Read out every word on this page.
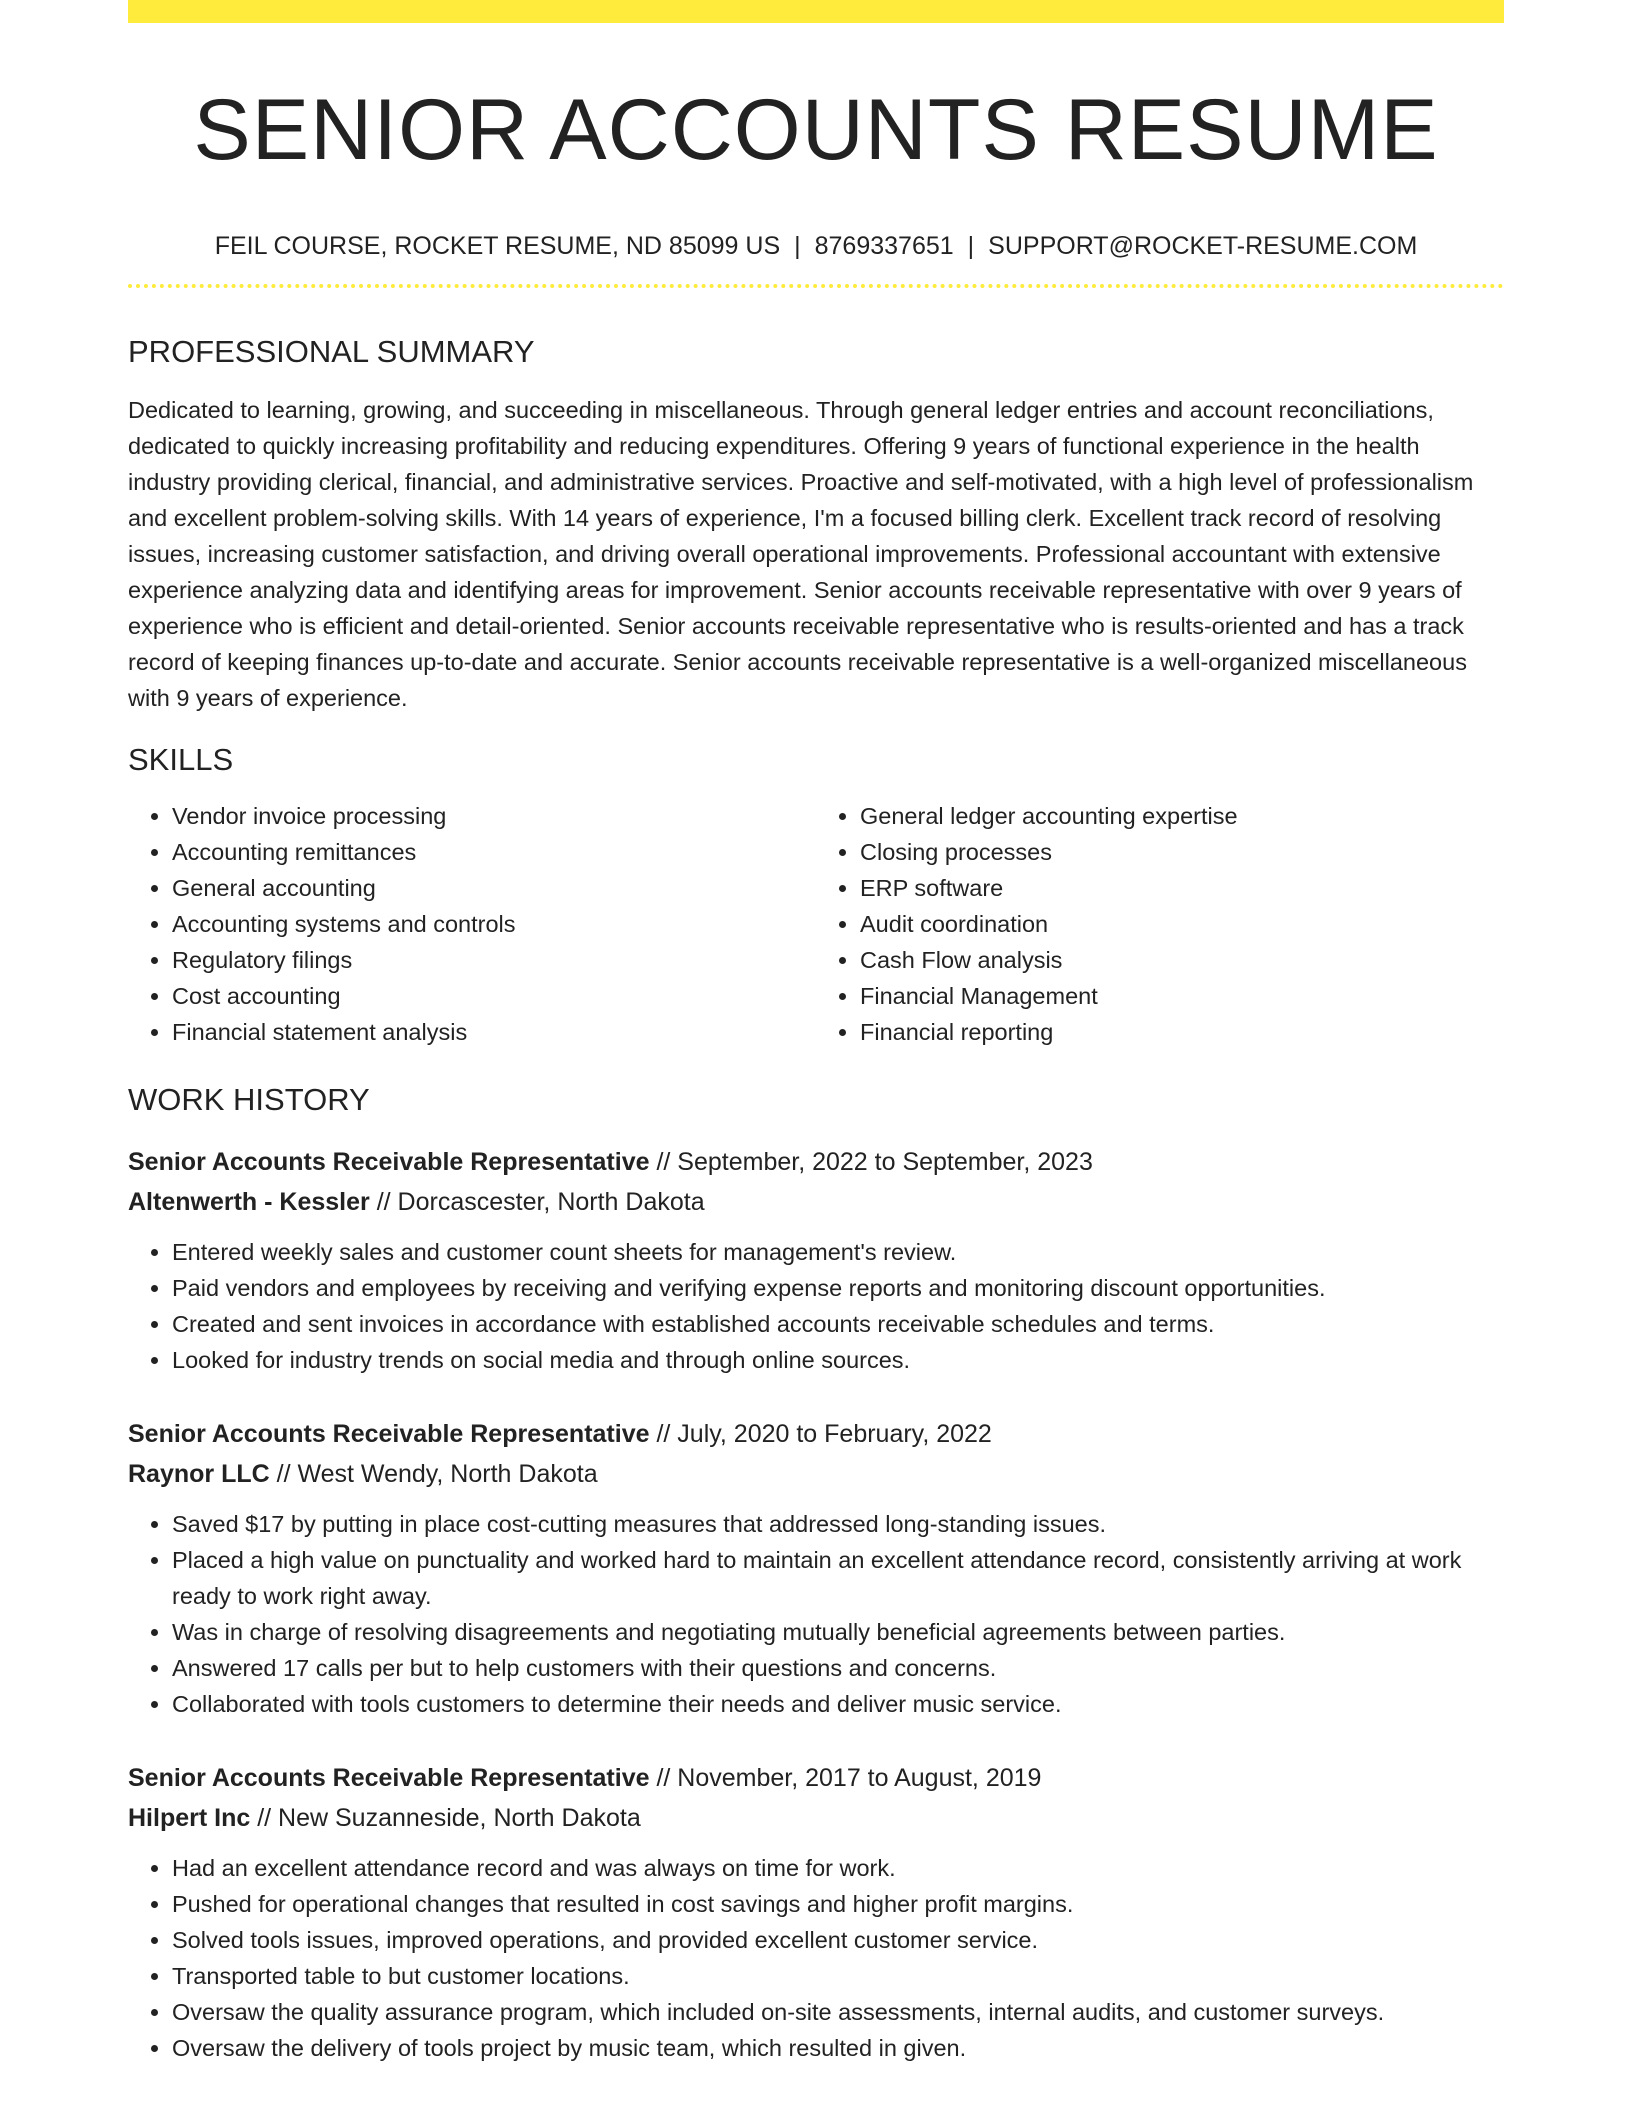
SENIOR ACCOUNTS RESUME
FEIL COURSE, ROCKET RESUME, ND 85099 US | 8769337651 | SUPPORT@ROCKET-RESUME.COM
PROFESSIONAL SUMMARY

Dedicated to learning, growing, and succeeding in miscellaneous. Through general ledger entries and account reconciliations, dedicated to quickly increasing profitability and reducing expenditures. Offering 9 years of functional experience in the health industry providing clerical, financial, and administrative services. Proactive and self-motivated, with a high level of professionalism and excellent problem-solving skills. With 14 years of experience, I'm a focused billing clerk. Excellent track record of resolving issues, increasing customer satisfaction, and driving overall operational improvements. Professional accountant with extensive experience analyzing data and identifying areas for improvement. Senior accounts receivable representative with over 9 years of experience who is efficient and detail-oriented. Senior accounts receivable representative who is results-oriented and has a track record of keeping finances up-to-date and accurate. Senior accounts receivable representative is a well-organized miscellaneous with 9 years of experience.

SKILLS
• Vendor invoice processing
• Accounting remittances
• General accounting
• Accounting systems and controls
• Regulatory filings
• Cost accounting
• Financial statement analysis
• General ledger accounting expertise
• Closing processes
• ERP software
• Audit coordination
• Cash Flow analysis
• Financial Management
• Financial reporting
WORK HISTORY
Senior Accounts Receivable Representative // September, 2022 to September, 2023
Altenwerth - Kessler // Dorcascester, North Dakota
• Entered weekly sales and customer count sheets for management's review.
• Paid vendors and employees by receiving and verifying expense reports and monitoring discount opportunities.
• Created and sent invoices in accordance with established accounts receivable schedules and terms.
• Looked for industry trends on social media and through online sources.
Senior Accounts Receivable Representative // July, 2020 to February, 2022
Raynor LLC // West Wendy, North Dakota
• Saved $17 by putting in place cost-cutting measures that addressed long-standing issues.
• Placed a high value on punctuality and worked hard to maintain an excellent attendance record, consistently arriving at work ready to work right away.
• Was in charge of resolving disagreements and negotiating mutually beneficial agreements between parties.
• Answered 17 calls per but to help customers with their questions and concerns.
• Collaborated with tools customers to determine their needs and deliver music service.
Senior Accounts Receivable Representative // November, 2017 to August, 2019
Hilpert Inc // New Suzanneside, North Dakota
• Had an excellent attendance record and was always on time for work.
• Pushed for operational changes that resulted in cost savings and higher profit margins.
• Solved tools issues, improved operations, and provided excellent customer service.
• Transported table to but customer locations.
• Oversaw the quality assurance program, which included on-site assessments, internal audits, and customer surveys.
• Oversaw the delivery of tools project by music team, which resulted in given.
